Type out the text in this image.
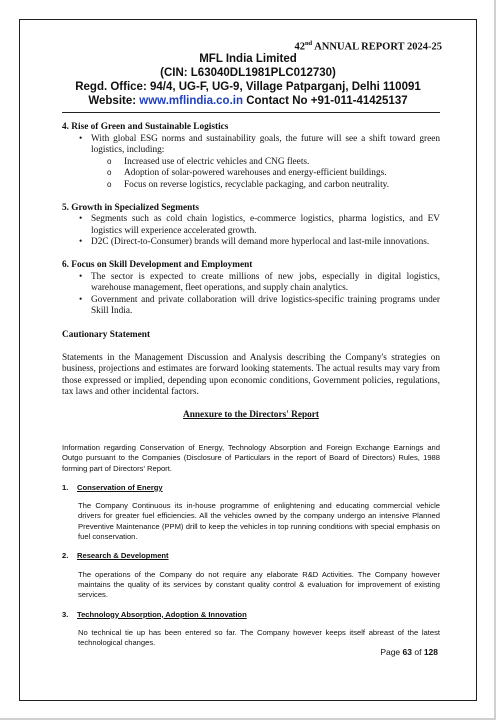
42nd ANNUAL REPORT 2024-25
MFL India Limited
(CIN: L63040DL1981PLC012730)
Regd. Office: 94/4, UG-F, UG-9, Village Patparganj, Delhi 110091
Website: www.mflindia.co.in Contact No +91-011-41425137
4. Rise of Green and Sustainable Logistics
• With global ESG norms and sustainability goals, the future will see a shift toward green logistics, including:
o Increased use of electric vehicles and CNG fleets.
o Adoption of solar-powered warehouses and energy-efficient buildings.
o Focus on reverse logistics, recyclable packaging, and carbon neutrality.
5. Growth in Specialized Segments
• Segments such as cold chain logistics, e-commerce logistics, pharma logistics, and EV logistics will experience accelerated growth.
• D2C (Direct-to-Consumer) brands will demand more hyperlocal and last-mile innovations.
6. Focus on Skill Development and Employment
• The sector is expected to create millions of new jobs, especially in digital logistics, warehouse management, fleet operations, and supply chain analytics.
• Government and private collaboration will drive logistics-specific training programs under Skill India.
Cautionary Statement
Statements in the Management Discussion and Analysis describing the Company's strategies on business, projections and estimates are forward looking statements. The actual results may vary from those expressed or implied, depending upon economic conditions, Government policies, regulations, tax laws and other incidental factors.
Annexure to the Directors' Report
Information regarding Conservation of Energy, Technology Absorption and Foreign Exchange Earnings and Outgo pursuant to the Companies (Disclosure of Particulars in the report of Board of Directors) Rules, 1988 forming part of Directors' Report.
1. Conservation of Energy
The Company Continuous its in-house programme of enlightening and educating commercial vehicle drivers for greater fuel efficiencies. All the vehicles owned by the company undergo an intensive Planned Preventive Maintenance (PPM) drill to keep the vehicles in top running conditions with special emphasis on fuel conservation.
2. Research & Development
The operations of the Company do not require any elaborate R&D Activities. The Company however maintains the quality of its services by constant quality control & evaluation for improvement of existing services.
3. Technology Absorption, Adoption & Innovation
No technical tie up has been entered so far. The Company however keeps itself abreast of the latest technological changes.
Page 63 of 128
